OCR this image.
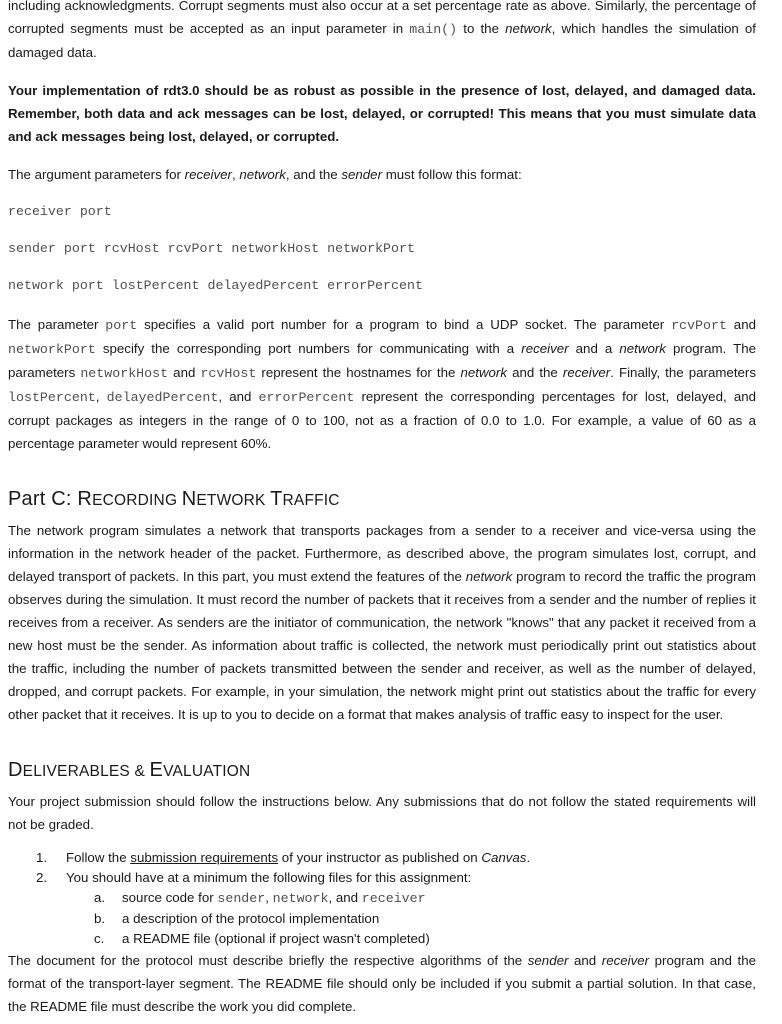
including acknowledgments. Corrupt segments must also occur at a set percentage rate as above. Similarly, the percentage of corrupted segments must be accepted as an input parameter in main() to the network, which handles the simulation of damaged data.

Your implementation of rdt3.0 should be as robust as possible in the presence of lost, delayed, and damaged data. Remember, both data and ack messages can be lost, delayed, or corrupted! This means that you must simulate data and ack messages being lost, delayed, or corrupted.

The argument parameters for receiver, network, and the sender must follow this format:

receiver port
sender port rcvHost rcvPort networkHost networkPort
network port lostPercent delayedPercent errorPercent

The parameter port specifies a valid port number for a program to bind a UDP socket. The parameter rcvPort and networkPort specify the corresponding port numbers for communicating with a receiver and a network program. The parameters networkHost and rcvHost represent the hostnames for the network and the receiver. Finally, the parameters lostPercent, delayedPercent, and errorPercent represent the corresponding percentages for lost, delayed, and corrupt packages as integers in the range of 0 to 100, not as a fraction of 0.0 to 1.0. For example, a value of 60 as a percentage parameter would represent 60%.

Part C: RECORDING NETWORK TRAFFIC

The network program simulates a network that transports packages from a sender to a receiver and vice-versa using the information in the network header of the packet. Furthermore, as described above, the program simulates lost, corrupt, and delayed transport of packets. In this part, you must extend the features of the network program to record the traffic the program observes during the simulation. It must record the number of packets that it receives from a sender and the number of replies it receives from a receiver. As senders are the initiator of communication, the network "knows" that any packet it received from a new host must be the sender. As information about traffic is collected, the network must periodically print out statistics about the traffic, including the number of packets transmitted between the sender and receiver, as well as the number of delayed, dropped, and corrupt packets. For example, in your simulation, the network might print out statistics about the traffic for every other packet that it receives. It is up to you to decide on a format that makes analysis of traffic easy to inspect for the user.

DELIVERABLES & EVALUATION

Your project submission should follow the instructions below. Any submissions that do not follow the stated requirements will not be graded.

1. Follow the submission requirements of your instructor as published on Canvas.
2. You should have at a minimum the following files for this assignment:
a. source code for sender, network, and receiver
b. a description of the protocol implementation
c. a README file (optional if project wasn't completed)

The document for the protocol must describe briefly the respective algorithms of the sender and receiver program and the format of the transport-layer segment. The README file should only be included if you submit a partial solution. In that case, the README file must describe the work you did complete.
